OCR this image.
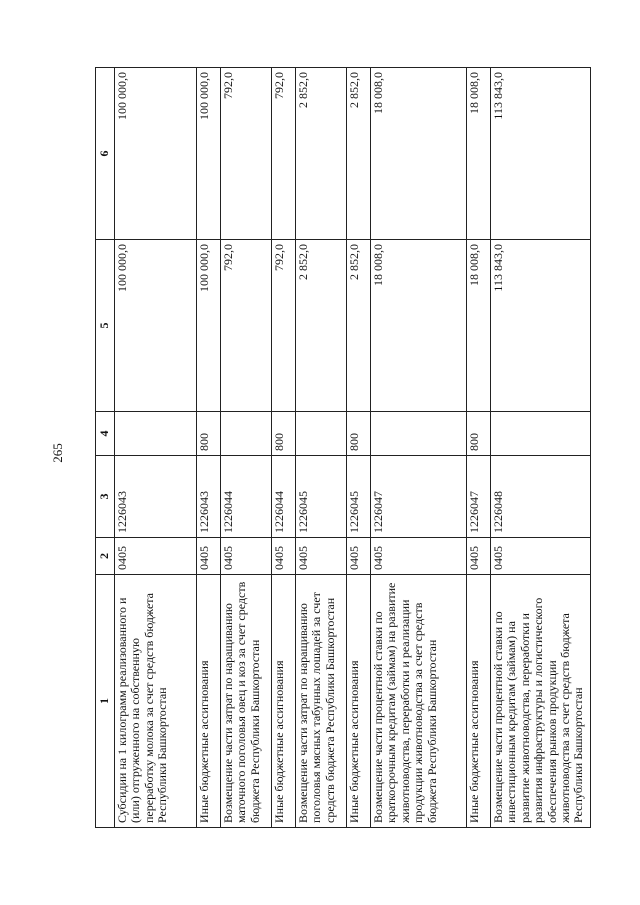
265
1	2	3	4	5	6
Субсидии на 1 килограмм реализованного и (или) отгруженного на собственную переработку молока за счет средств бюджета Республики Башкортостан	0405	1226043		100 000,0	100 000,0
Иные бюджетные ассигнования	0405	1226043	800	100 000,0	100 000,0
Возмещение части затрат по наращиванию маточного поголовья овец и коз за счет средств бюджета Республики Башкортостан	0405	1226044		792,0	792,0
Иные бюджетные ассигнования	0405	1226044	800	792,0	792,0
Возмещение части затрат по наращиванию поголовья мясных табунных лошадей за счет средств бюджета Республики Башкортостан	0405	1226045		2 852,0	2 852,0
Иные бюджетные ассигнования	0405	1226045	800	2 852,0	2 852,0
Возмещение части процентной ставки по краткосрочным кредитам (займам) на развитие животноводства, переработки и реализации продукции животноводства за счет средств бюджета Республики Башкортостан	0405	1226047		18 008,0	18 008,0
Иные бюджетные ассигнования	0405	1226047	800	18 008,0	18 008,0
Возмещение части процентной ставки по инвестиционным кредитам (займам) на развитие животноводства, переработки и развития инфраструктуры и логистического обеспечения рынков продукции животноводства за счет средств бюджета Республики Башкортостан	0405	1226048		113 843,0	113 843,0
